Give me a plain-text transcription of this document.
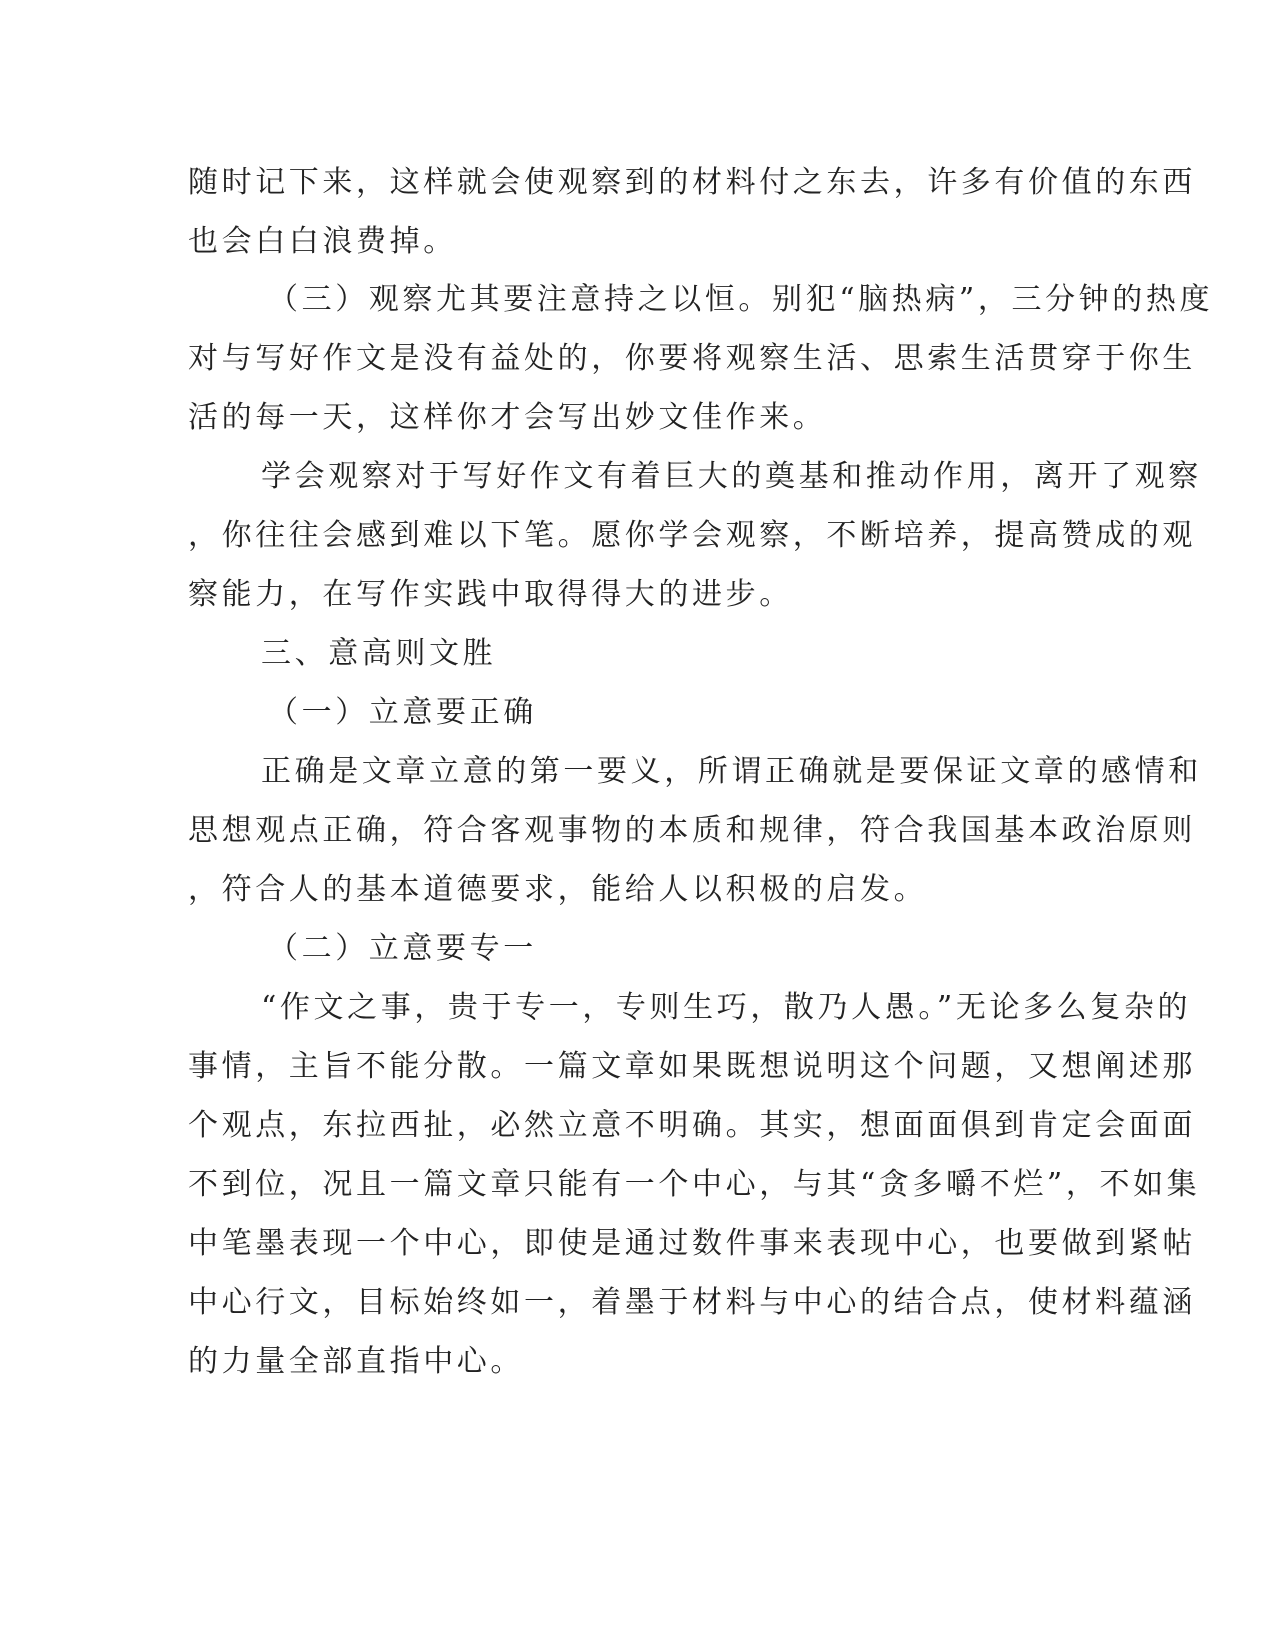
随时记下来，这样就会使观察到的材料付之东去，许多有价值的东西
也会白白浪费掉。
（三）观察尤其要注意持之以恒。别犯“脑热病”，三分钟的热度
对与写好作文是没有益处的，你要将观察生活、思索生活贯穿于你生
活的每一天，这样你才会写出妙文佳作来。
学会观察对于写好作文有着巨大的奠基和推动作用，离开了观察
，你往往会感到难以下笔。愿你学会观察，不断培养，提高赞成的观
察能力，在写作实践中取得得大的进步。
三、意高则文胜
（一）立意要正确
正确是文章立意的第一要义，所谓正确就是要保证文章的感情和
思想观点正确，符合客观事物的本质和规律，符合我国基本政治原则
，符合人的基本道德要求，能给人以积极的启发。
（二）立意要专一
“作文之事，贵于专一，专则生巧，散乃人愚。”无论多么复杂的
事情，主旨不能分散。一篇文章如果既想说明这个问题，又想阐述那
个观点，东拉西扯，必然立意不明确。其实，想面面俱到肯定会面面
不到位，况且一篇文章只能有一个中心，与其“贪多嚼不烂”，不如集
中笔墨表现一个中心，即使是通过数件事来表现中心，也要做到紧帖
中心行文，目标始终如一，着墨于材料与中心的结合点，使材料蕴涵
的力量全部直指中心。
